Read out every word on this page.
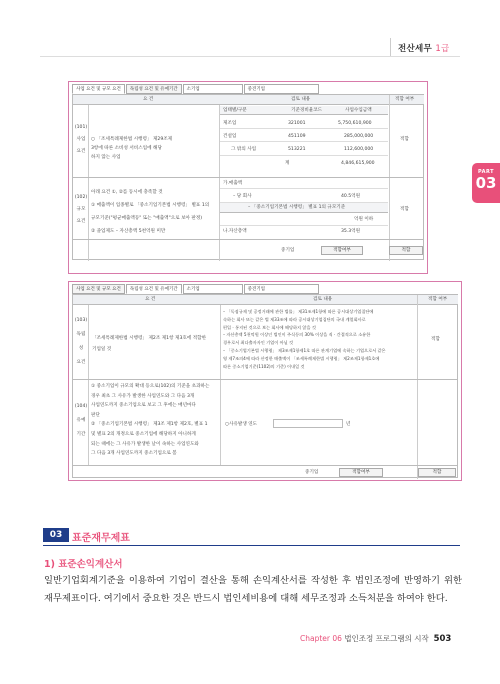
전산세무 1급
PART
03
사업 요건 및 규모 요건	독립성 요건 및 유예기간	소기업	중견기업
요 건	검토 내용	적합 여부
(101)

사업

요건
○ 「조세특례제한법 시행령」 제29조제
3항에 따른 소비성 서비스업에 해당
하지 않는 사업
업태별/구분	기준경비율코드	사업수입금액
제조업	321001	5,750,610,900
건설업	451109	285,000,000
그 밖의 사업	513221	112,600,000
계	4,846,615,900
적합
(102)

규모

요건
아래 요건 ①, ②를 동시에 충족할 것
① 매출액이 업종별로 「중소기업기본법 시행령」 별표 1의
규모기준("평균매출액등" 또는 "매출액"으로 보아 판정)
② 졸업제도 – 자산총액 5천억원 미만
가.매출액
– 당 회사	40.5억원
– 「중소기업기본법 시행령」 별표 1의 규모기준
억원 이하
나.자산총액	35.3억원
적합
중기업	적합여부	적합
사업 요건 및 규모 요건	독립성 요건 및 유예기간	소기업	중견기업
요 건	검토 내용	적합 여부
(103)

독립

성

요건
「조세특례제한법 시행령」 제2조 제1항 제3호에 적합한
기업일 것
– 「독점규제 및 공정거래에 관한 법률」 제31조제1항에 따른 공시대상기업집단에
속하는 회사 또는 같은 법 제33조에 따라 공시대상기업집단의 국내 계열회사로
편입 · 통지된 것으로 보는 회사에 해당하지 않을 것
– 자산총액 5천억원 이상인 법인이 주식등의 30% 이상을 직 · 간접적으로 소유한
경우로서 최다출자자인 기업이 아닐 것
– 「중소기업기본법 시행령」 제3조제1항제1호 따른 관계기업에 속하는 기업으로서 같은
영 제7조의4에 따라 산정한 매출액이 「조세특례제한법 시행령」 제2조제1항제1호에
따른 중소기업기준(1102)의 기준) 이내일 것
적합
(104)

유예

기간
① 중소기업이 규모의 확대 등으로(102)의 기준을 초과하는
경우 최초 그 사유가 발생한 사업연도와 그 다음 3개
사업연도까지 중소기업으로 보고 그 후에는 매년마다
판단
② 「중소기업기본법 시행령」 제3조 제1항 제2호, 별표 1
및 별표 2의 개정으로 중소기업에 해당하지 아니하게
되는 때에는 그 사유가 발생한 날이 속하는 사업연도와
그 다음 3개 사업연도까지 중소기업으로 봄
○사유발생 연도	년
중기업	적합여부	적합
03 표준재무제표
1) 표준손익계산서
일반기업회계기준을 이용하여 기업이 결산을 통해 손익계산서를 작성한 후 법인조정에 반영하기 위한 재무제표이다. 여기에서 중요한 것은 반드시 법인세비용에 대해 세무조정과 소득처분을 하여야 한다.
Chapter 06 법인조정 프로그램의 시작 503
